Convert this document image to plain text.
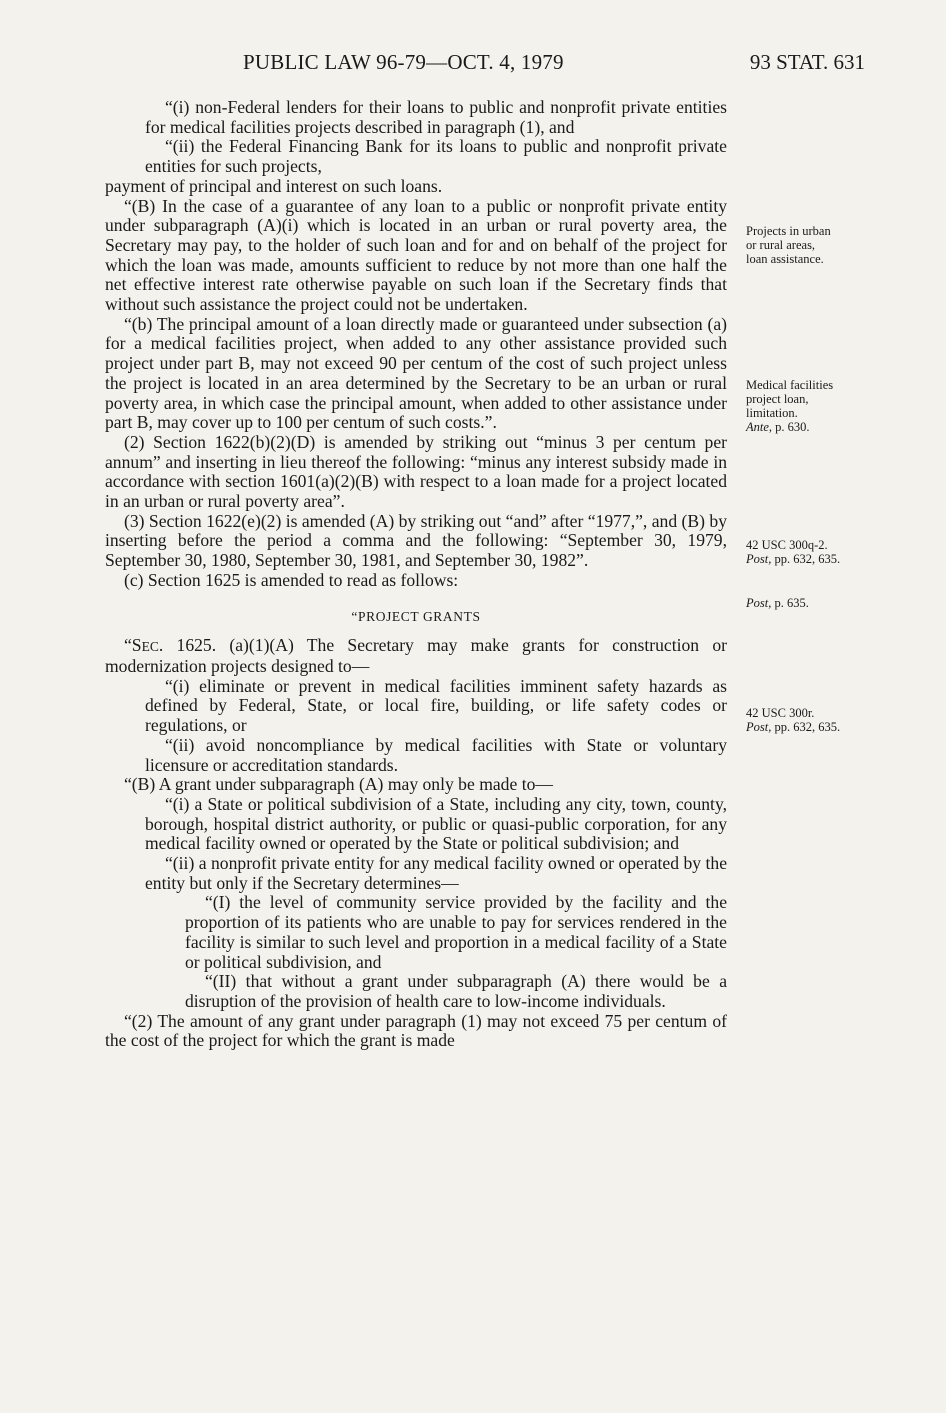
PUBLIC LAW 96-79—OCT. 4, 1979	93 STAT. 631

“(i) non-Federal lenders for their loans to public and nonprofit private entities for medical facilities projects described in paragraph (1), and

“(ii) the Federal Financing Bank for its loans to public and nonprofit private entities for such projects,

payment of principal and interest on such loans.

“(B) In the case of a guarantee of any loan to a public or nonprofit private entity under subparagraph (A)(i) which is located in an urban or rural poverty area, the Secretary may pay, to the holder of such loan and for and on behalf of the project for which the loan was made, amounts sufficient to reduce by not more than one half the net effective interest rate otherwise payable on such loan if the Secretary finds that without such assistance the project could not be undertaken.

“(b) The principal amount of a loan directly made or guaranteed under subsection (a) for a medical facilities project, when added to any other assistance provided such project under part B, may not exceed 90 per centum of the cost of such project unless the project is located in an area determined by the Secretary to be an urban or rural poverty area, in which case the principal amount, when added to other assistance under part B, may cover up to 100 per centum of such costs.”.

(2) Section 1622(b)(2)(D) is amended by striking out “minus 3 per centum per annum” and inserting in lieu thereof the following: “minus any interest subsidy made in accordance with section 1601(a)(2)(B) with respect to a loan made for a project located in an urban or rural poverty area”.

(3) Section 1622(e)(2) is amended (A) by striking out “and” after “1977,”, and (B) by inserting before the period a comma and the following: “September 30, 1979, September 30, 1980, September 30, 1981, and September 30, 1982”.

(c) Section 1625 is amended to read as follows:

“PROJECT GRANTS

“SEC. 1625. (a)(1)(A) The Secretary may make grants for construction or modernization projects designed to—

“(i) eliminate or prevent in medical facilities imminent safety hazards as defined by Federal, State, or local fire, building, or life safety codes or regulations, or

“(ii) avoid noncompliance by medical facilities with State or voluntary licensure or accreditation standards.

“(B) A grant under subparagraph (A) may only be made to—

“(i) a State or political subdivision of a State, including any city, town, county, borough, hospital district authority, or public or quasi-public corporation, for any medical facility owned or operated by the State or political subdivision; and

“(ii) a nonprofit private entity for any medical facility owned or operated by the entity but only if the Secretary determines—

“(I) the level of community service provided by the facility and the proportion of its patients who are unable to pay for services rendered in the facility is similar to such level and proportion in a medical facility of a State or political subdivision, and

“(II) that without a grant under subparagraph (A) there would be a disruption of the provision of health care to low-income individuals.

“(2) The amount of any grant under paragraph (1) may not exceed 75 per centum of the cost of the project for which the grant is made

Projects in urban

or rural areas,

loan assistance.

Medical facilities

project loan,

limitation.

Ante, p. 630.

42 USC 300q-2.

Post, pp. 632, 635.

Post, p. 635.

42 USC 300r.

Post, pp. 632, 635.
